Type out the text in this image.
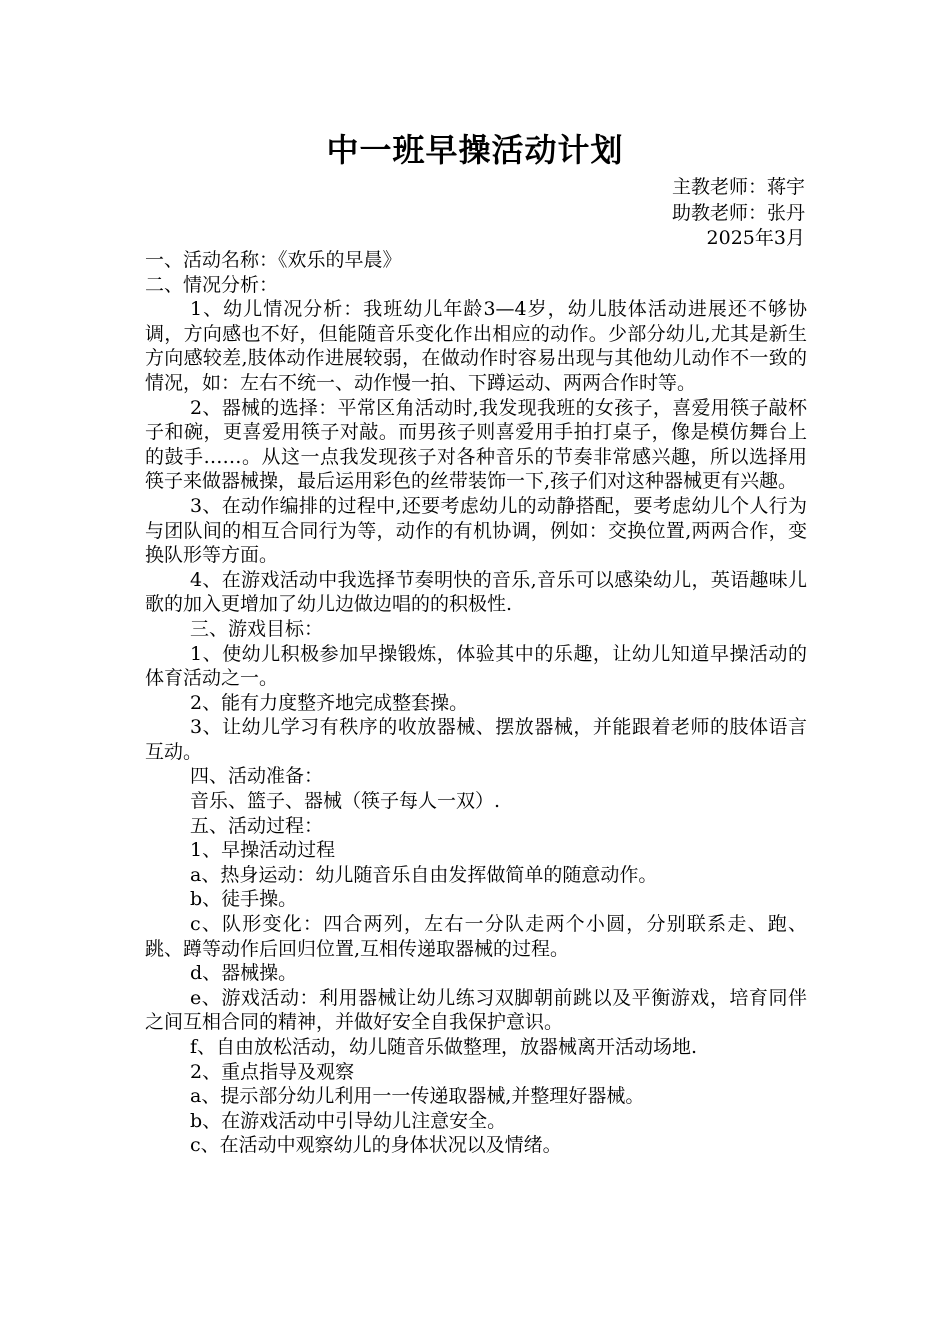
中一班早操活动计划
主教老师：蒋宇
助教老师：张丹
2025年3月

一、活动名称：《欢乐的早晨》

二、情况分析：

1、幼儿情况分析：我班幼儿年龄3—4岁，幼儿肢体活动进展还不够协调，方向感也不好，但能随音乐变化作出相应的动作。少部分幼儿,尤其是新生方向感较差,肢体动作进展较弱，在做动作时容易出现与其他幼儿动作不一致的情况，如：左右不统一、动作慢一拍、下蹲运动、两两合作时等。

2、器械的选择：平常区角活动时,我发现我班的女孩子，喜爱用筷子敲杯子和碗，更喜爱用筷子对敲。而男孩子则喜爱用手拍打桌子，像是模仿舞台上的鼓手……。从这一点我发现孩子对各种音乐的节奏非常感兴趣，所以选择用筷子来做器械操，最后运用彩色的丝带装饰一下,孩子们对这种器械更有兴趣。

3、在动作编排的过程中,还要考虑幼儿的动静搭配，要考虑幼儿个人行为与团队间的相互合同行为等，动作的有机协调，例如：交换位置,两两合作，变换队形等方面。

4、在游戏活动中我选择节奏明快的音乐,音乐可以感染幼儿，英语趣味儿歌的加入更增加了幼儿边做边唱的的积极性.

三、游戏目标：

1、使幼儿积极参加早操锻炼，体验其中的乐趣，让幼儿知道早操活动的体育活动之一。

2、能有力度整齐地完成整套操。

3、让幼儿学习有秩序的收放器械、摆放器械，并能跟着老师的肢体语言互动。

四、活动准备：

音乐、篮子、器械（筷子每人一双）.

五、活动过程：

1、早操活动过程

a、热身运动：幼儿随音乐自由发挥做简单的随意动作。

b、徒手操。

c、队形变化：四合两列，左右一分队走两个小圆，分别联系走、跑、跳、蹲等动作后回归位置,互相传递取器械的过程。

d、器械操。

e、游戏活动：利用器械让幼儿练习双脚朝前跳以及平衡游戏，培育同伴之间互相合同的精神，并做好安全自我保护意识。

f、自由放松活动，幼儿随音乐做整理，放器械离开活动场地.

2、重点指导及观察

a、提示部分幼儿利用一一传递取器械,并整理好器械。

b、在游戏活动中引导幼儿注意安全。

c、在活动中观察幼儿的身体状况以及情绪。
